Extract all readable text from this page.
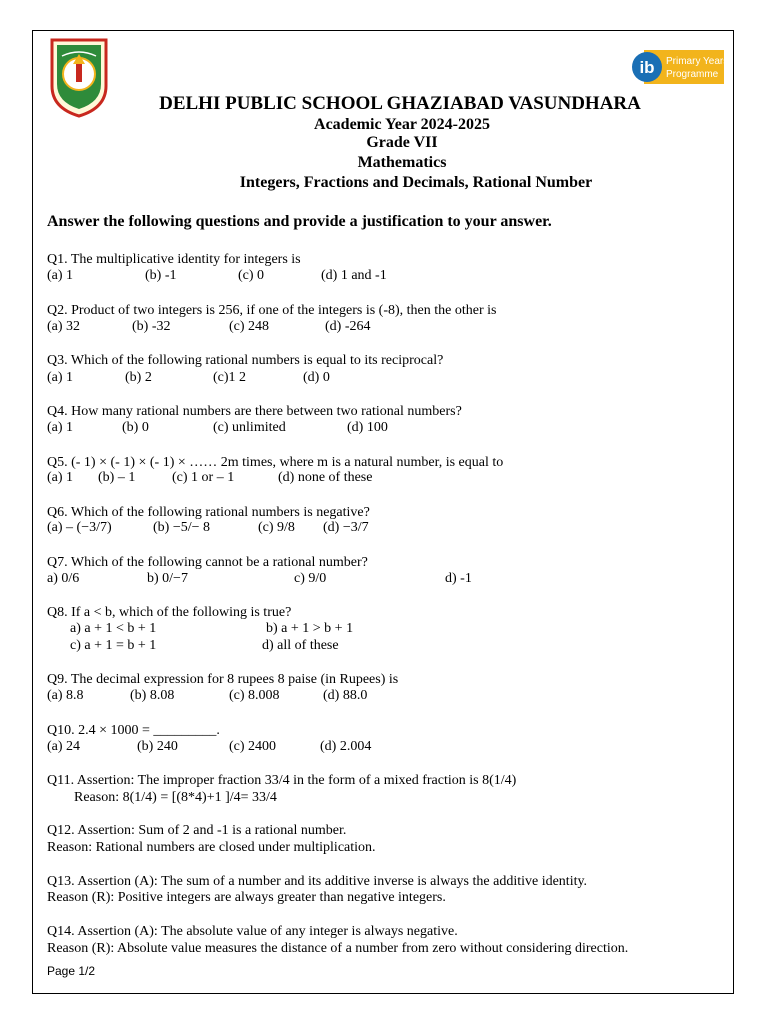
ib Primary Years
Programme
DELHI PUBLIC SCHOOL GHAZIABAD VASUNDHARA
Academic Year 2024-2025
Grade VII
Mathematics
Integers, Fractions and Decimals, Rational Number
Answer the following questions and provide a justification to your answer.
Q1. The multiplicative identity for integers is
(a) 1	(b) -1	(c) 0	(d) 1 and -1
Q2. Product of two integers is 256, if one of the integers is (-8), then the other is
(a) 32	(b) -32	(c) 248	(d) -264
Q3. Which of the following rational numbers is equal to its reciprocal?
(a) 1	(b) 2	(c)1 2	(d) 0
Q4. How many rational numbers are there between two rational numbers?
(a) 1	(b) 0	(c) unlimited	(d) 100
Q5. (- 1) × (- 1) × (- 1) × …… 2m times, where m is a natural number, is equal to
(a) 1 (b) – 1	(c) 1 or – 1	(d) none of these
Q6. Which of the following rational numbers is negative?
(a) – (−3/7)	(b) −5/− 8	(c) 9/8 (d) −3/7
Q7. Which of the following cannot be a rational number?
a) 0/6	b) 0/−7	c) 9/0	d) -1
Q8. If a < b, which of the following is true?
a) a + 1 < b + 1	b) a + 1 > b + 1
c) a + 1 = b + 1	d) all of these
Q9. The decimal expression for 8 rupees 8 paise (in Rupees) is
(a) 8.8	(b) 8.08	(c) 8.008	(d) 88.0
Q10. 2.4 × 1000 = _________.
(a) 24	(b) 240	(c) 2400	(d) 2.004
Q11. Assertion: The improper fraction 33/4 in the form of a mixed fraction is 8(1/4)
Reason: 8(1/4) = [(8*4)+1 ]/4= 33/4
Q12. Assertion: Sum of 2 and -1 is a rational number.
Reason: Rational numbers are closed under multiplication.
Q13. Assertion (A): The sum of a number and its additive inverse is always the additive identity.
Reason (R): Positive integers are always greater than negative integers.
Q14. Assertion (A): The absolute value of any integer is always negative.
Reason (R): Absolute value measures the distance of a number from zero without considering direction.
Page 1/2
